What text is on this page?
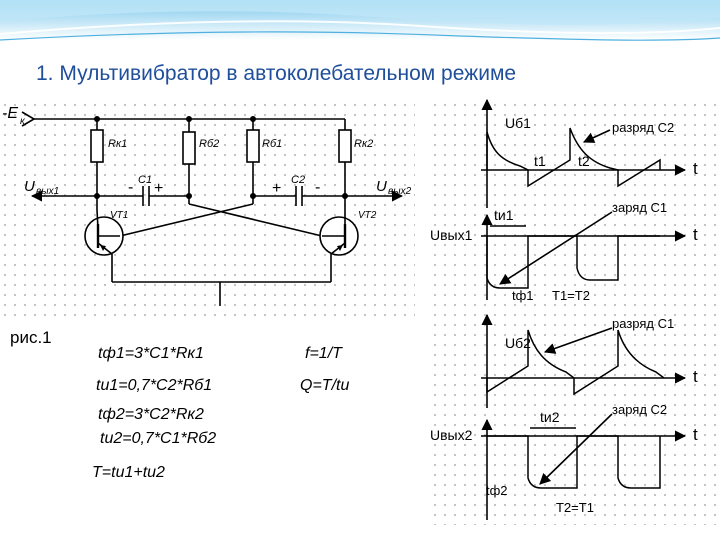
-E к
Rк1	Rб2	Rб1	Rк2
C1	C2
- +	+ -
U вых1	U вых2
VT1	VT2
Uб1
t1 t2
разряд C2
t
tи1
Uвых1
заряд C1
tф1 T1=T2
t
Uб2
разряд C1
t
tи2
Uвых2
заряд C2
tф2
T2=T1
t
1. Мультивибратор в автоколебательном режиме
рис.1
tф1=3*C1*Rк1	f=1/T
tu1=0,7*C2*Rб1	Q=T/tu
tф2=3*C2*Rк2
tu2=0,7*C1*Rб2
T=tu1+tu2
